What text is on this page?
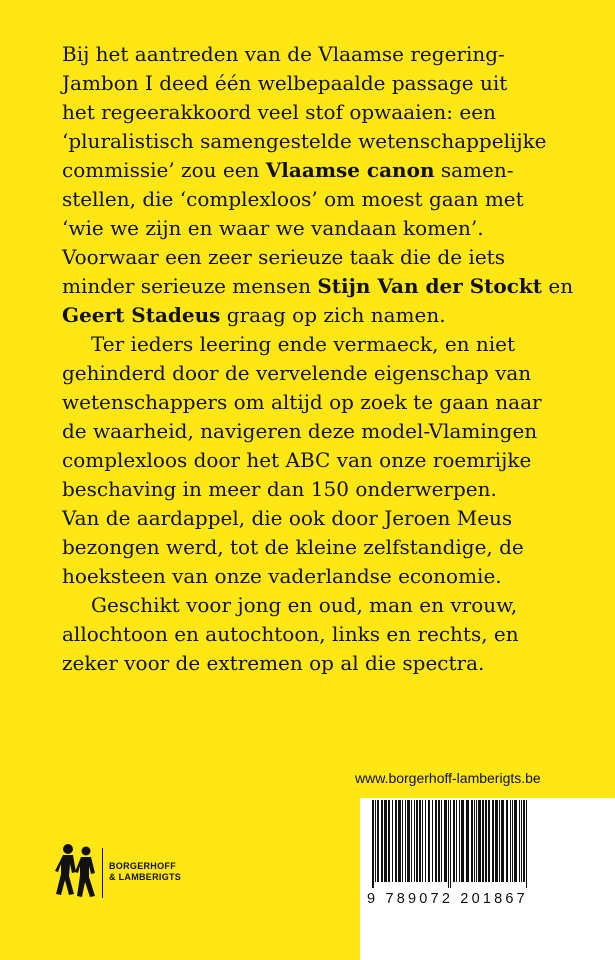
Bij het aantreden van de Vlaamse regering-
Jambon I deed één welbepaalde passage uit
het regeerakkoord veel stof opwaaien: een
‘pluralistisch samengestelde wetenschappelijke
commissie’ zou een Vlaamse canon samen-
stellen, die ‘complexloos’ om moest gaan met
‘wie we zijn en waar we vandaan komen’.
Voorwaar een zeer serieuze taak die de iets
minder serieuze mensen Stijn Van der Stockt en
Geert Stadeus graag op zich namen.
Ter ieders leering ende vermaeck, en niet
gehinderd door de vervelende eigenschap van
wetenschappers om altijd op zoek te gaan naar
de waarheid, navigeren deze model-Vlamingen
complexloos door het ABC van onze roemrijke
beschaving in meer dan 150 onderwerpen.
Van de aardappel, die ook door Jeroen Meus
bezongen werd, tot de kleine zelfstandige, de
hoeksteen van onze vaderlandse economie.
Geschikt voor jong en oud, man en vrouw,
allochtoon en autochtoon, links en rechts, en
zeker voor de extremen op al die spectra.
www.borgerhoff-lamberigts.be
9 789072 201867
BORGERHOFF
& LAMBERIGTS
